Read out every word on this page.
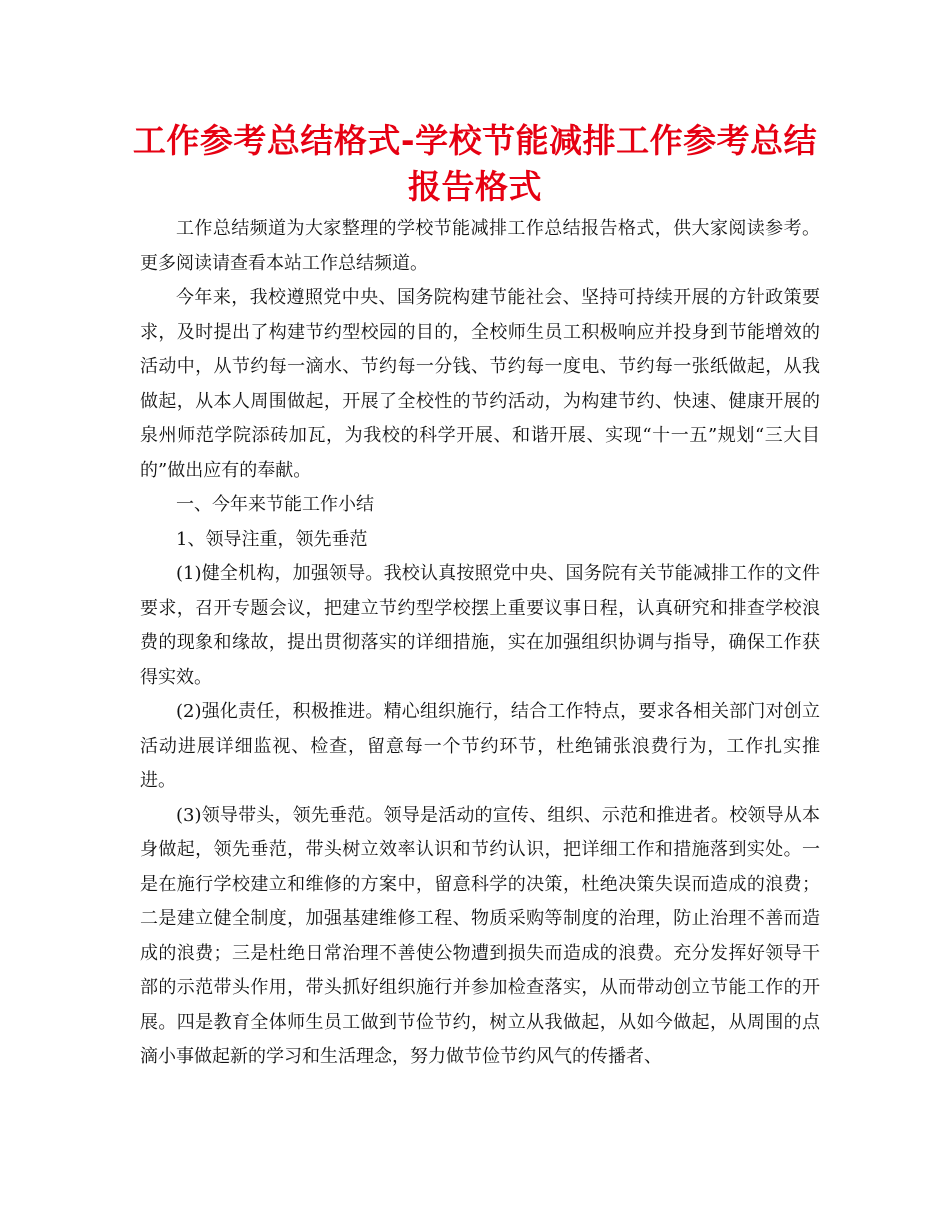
工作参考总结格式-学校节能减排工作参考总结报告格式

工作总结频道为大家整理的学校节能减排工作总结报告格式，供大家阅读参考。更多阅读请查看本站工作总结频道。

今年来，我校遵照党中央、国务院构建节能社会、坚持可持续开展的方针政策要求，及时提出了构建节约型校园的目的，全校师生员工积极响应并投身到节能增效的活动中，从节约每一滴水、节约每一分钱、节约每一度电、节约每一张纸做起，从我做起，从本人周围做起，开展了全校性的节约活动，为构建节约、快速、健康开展的泉州师范学院添砖加瓦，为我校的科学开展、和谐开展、实现“十一五”规划“三大目的”做出应有的奉献。

一、今年来节能工作小结

1、领导注重，领先垂范

(1)健全机构，加强领导。我校认真按照党中央、国务院有关节能减排工作的文件要求，召开专题会议，把建立节约型学校摆上重要议事日程，认真研究和排查学校浪费的现象和缘故，提出贯彻落实的详细措施，实在加强组织协调与指导，确保工作获得实效。

(2)强化责任，积极推进。精心组织施行，结合工作特点，要求各相关部门对创立活动进展详细监视、检查，留意每一个节约环节，杜绝铺张浪费行为，工作扎实推进。

(3)领导带头，领先垂范。领导是活动的宣传、组织、示范和推进者。校领导从本身做起，领先垂范，带头树立效率认识和节约认识，把详细工作和措施落到实处。一是在施行学校建立和维修的方案中，留意科学的决策，杜绝决策失误而造成的浪费；二是建立健全制度，加强基建维修工程、物质采购等制度的治理，防止治理不善而造成的浪费；三是杜绝日常治理不善使公物遭到损失而造成的浪费。充分发挥好领导干部的示范带头作用，带头抓好组织施行并参加检查落实，从而带动创立节能工作的开展。四是教育全体师生员工做到节俭节约，树立从我做起，从如今做起，从周围的点滴小事做起新的学习和生活理念，努力做节俭节约风气的传播者、
